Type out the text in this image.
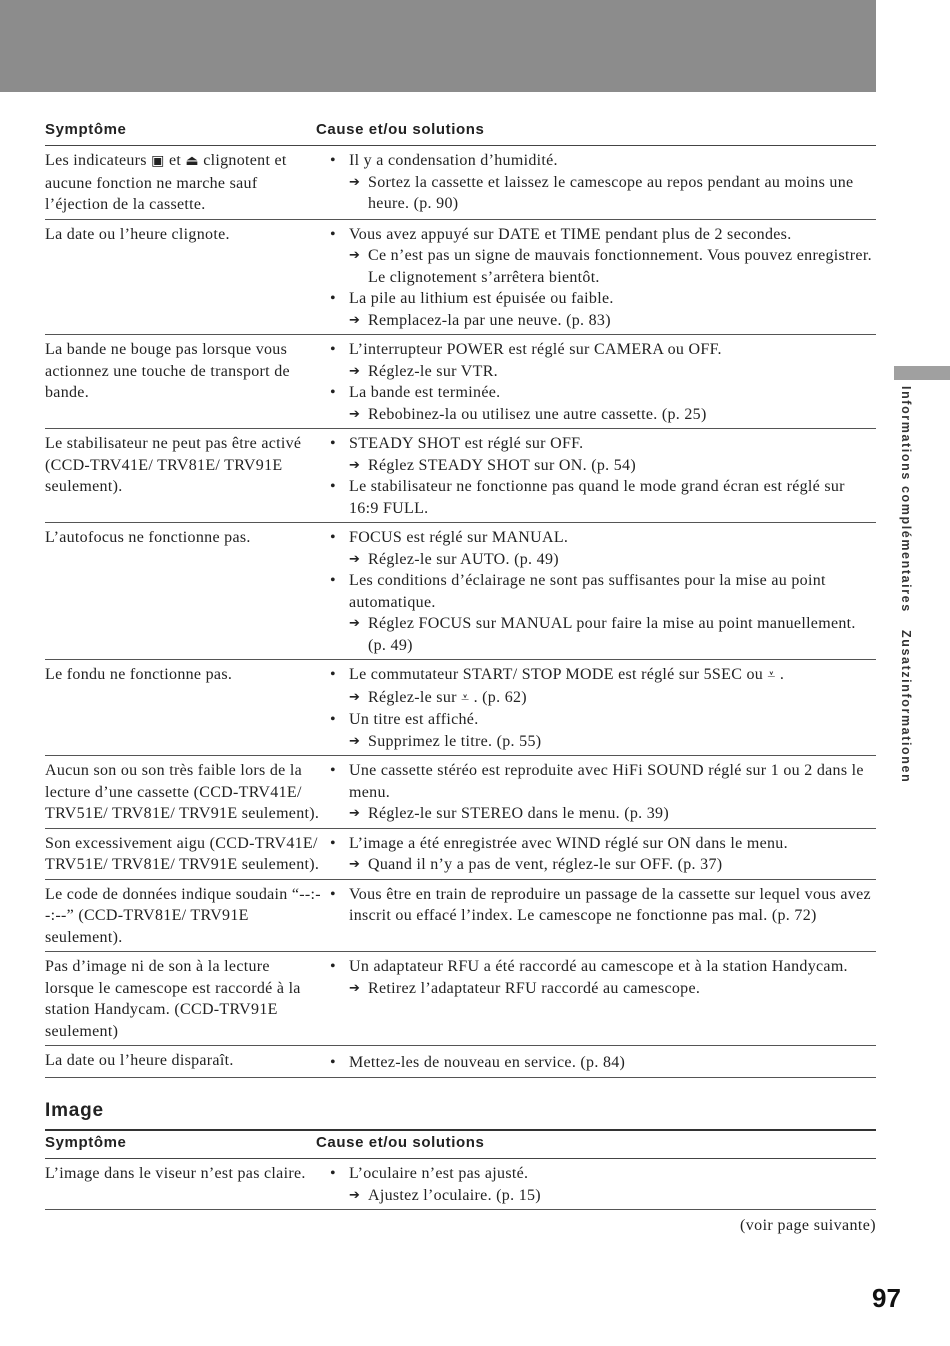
Informations complémentaires Zusatzinformationen
Symptôme	Cause et/ou solutions
Les indicateurs ▣ et ⏏ clignotent et aucune fonction ne marche sauf l’éjection de la cassette.
• Il y a condensation d’humidité.
➔ Sortez la cassette et laissez le camescope au repos pendant au moins une heure. (p. 90)
La date ou l’heure clignote.	• Vous avez appuyé sur DATE et TIME pendant plus de 2 secondes.
➔ Ce n’est pas un signe de mauvais fonctionnement. Vous pouvez enregistrer. Le clignotement s’arrêtera bientôt.
• La pile au lithium est épuisée ou faible.
➔ Remplacez-la par une neuve. (p. 83)
La bande ne bouge pas lorsque vous actionnez une touche de transport de bande.
• L’interrupteur POWER est réglé sur CAMERA ou OFF.
➔ Réglez-le sur VTR.
• La bande est terminée.
➔ Rebobinez-la ou utilisez une autre cassette. (p. 25)
Le stabilisateur ne peut pas être activé (CCD-TRV41E/ TRV81E/ TRV91E seulement).
• STEADY SHOT est réglé sur OFF.
➔ Réglez STEADY SHOT sur ON. (p. 54)
• Le stabilisateur ne fonctionne pas quand le mode grand écran est réglé sur 16:9 FULL.
L’autofocus ne fonctionne pas.	• FOCUS est réglé sur MANUAL.
➔ Réglez-le sur AUTO. (p. 49)
• Les conditions d’éclairage ne sont pas suffisantes pour la mise au point automatique.
➔ Réglez FOCUS sur MANUAL pour faire la mise au point manuellement. (p. 49)
Le fondu ne fonctionne pas.	• Le commutateur START/ STOP MODE est réglé sur 5SEC ou ⩡ .
➔ Réglez-le sur ⩡ . (p. 62)
• Un titre est affiché.
➔ Supprimez le titre. (p. 55)
Aucun son ou son très faible lors de la lecture d’une cassette (CCD-TRV41E/ TRV51E/ TRV81E/ TRV91E seulement).
• Une cassette stéréo est reproduite avec HiFi SOUND réglé sur 1 ou 2 dans le menu.
➔ Réglez-le sur STEREO dans le menu. (p. 39)
Son excessivement aigu (CCD-TRV41E/ TRV51E/ TRV81E/ TRV91E seulement).
• L’image a été enregistrée avec WIND réglé sur ON dans le menu.
➔ Quand il n’y a pas de vent, réglez-le sur OFF. (p. 37)
Le code de données indique soudain “--:--:--” (CCD-TRV81E/ TRV91E seulement).
• Vous être en train de reproduire un passage de la cassette sur lequel vous avez inscrit ou effacé l’index. Le camescope ne fonctionne pas mal. (p. 72)
Pas d’image ni de son à la lecture lorsque le camescope est raccordé à la station Handycam. (CCD-TRV91E seulement)
• Un adaptateur RFU a été raccordé au camescope et à la station Handycam.
➔ Retirez l’adaptateur RFU raccordé au camescope.
La date ou l’heure disparaît.	• Mettez-les de nouveau en service. (p. 84)
Image
Symptôme	Cause et/ou solutions
L’image dans le viseur n’est pas claire.	• L’oculaire n’est pas ajusté.
➔ Ajustez l’oculaire. (p. 15)
(voir page suivante)
97
